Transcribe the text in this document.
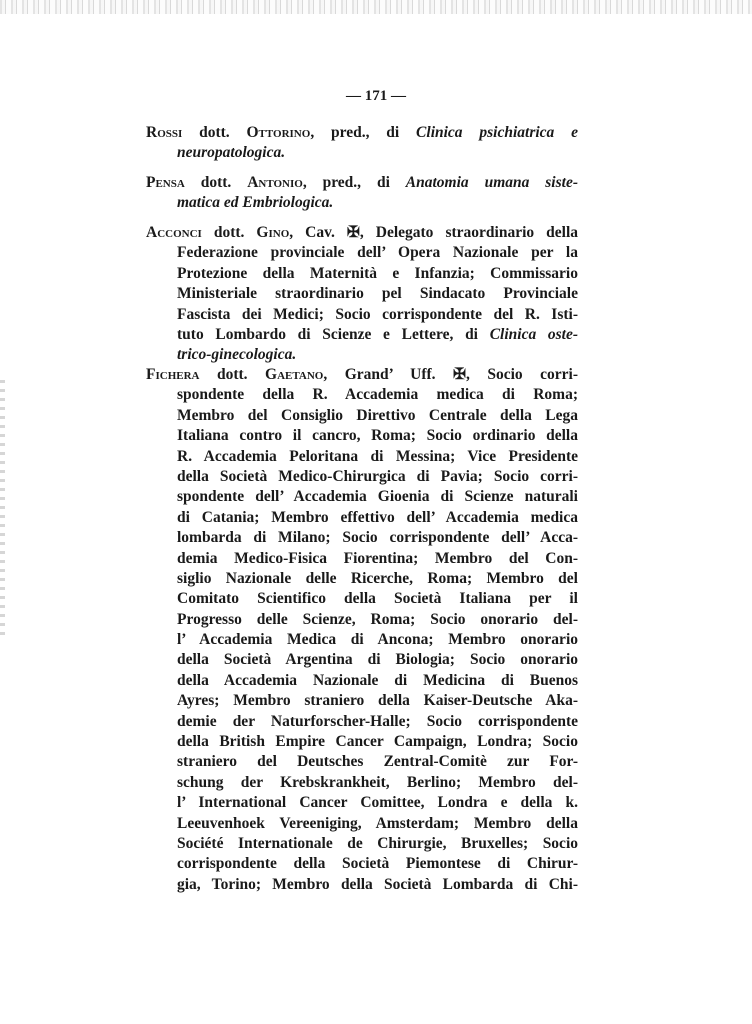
— 171 —
Rossi dott. Ottorino, pred., di Clinica psichiatrica e
neuropatologica.
Pensa dott. Antonio, pred., di Anatomia umana siste-
matica ed Embriologica.
Acconci dott. Gino, Cav. ✠, Delegato straordinario della
Federazione provinciale dell’ Opera Nazionale per la
Protezione della Maternità e Infanzia; Commissario
Ministeriale straordinario pel Sindacato Provinciale
Fascista dei Medici; Socio corrispondente del R. Isti-
tuto Lombardo di Scienze e Lettere, di Clinica oste-
trico-ginecologica.
Fichera dott. Gaetano, Grand’ Uff. ✠, Socio corri-
spondente della R. Accademia medica di Roma;
Membro del Consiglio Direttivo Centrale della Lega
Italiana contro il cancro, Roma; Socio ordinario della
R. Accademia Peloritana di Messina; Vice Presidente
della Società Medico-Chirurgica di Pavia; Socio corri-
spondente dell’ Accademia Gioenia di Scienze naturali
di Catania; Membro effettivo dell’ Accademia medica
lombarda di Milano; Socio corrispondente dell’ Acca-
demia Medico-Fisica Fiorentina; Membro del Con-
siglio Nazionale delle Ricerche, Roma; Membro del
Comitato Scientifico della Società Italiana per il
Progresso delle Scienze, Roma; Socio onorario del-
l’ Accademia Medica di Ancona; Membro onorario
della Società Argentina di Biologia; Socio onorario
della Accademia Nazionale di Medicina di Buenos
Ayres; Membro straniero della Kaiser-Deutsche Aka-
demie der Naturforscher-Halle; Socio corrispondente
della British Empire Cancer Campaign, Londra; Socio
straniero del Deutsches Zentral-Comitè zur For-
schung der Krebskrankheit, Berlino; Membro del-
l’ International Cancer Comittee, Londra e della k.
Leeuvenhoek Vereeniging, Amsterdam; Membro della
Société Internationale de Chirurgie, Bruxelles; Socio
corrispondente della Società Piemontese di Chirur-
gia, Torino; Membro della Società Lombarda di Chi-
